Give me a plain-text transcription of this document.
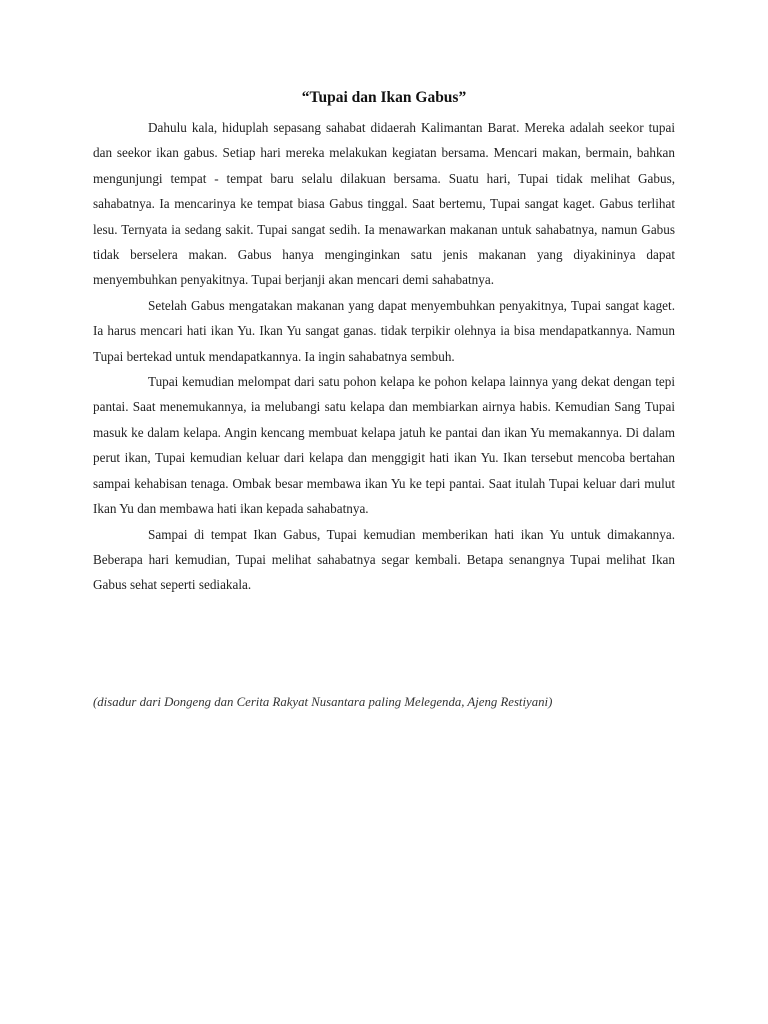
“Tupai dan Ikan Gabus”

Dahulu kala, hiduplah sepasang sahabat didaerah Kalimantan Barat. Mereka adalah seekor tupai dan seekor ikan gabus. Setiap hari mereka melakukan kegiatan bersama. Mencari makan, bermain, bahkan mengunjungi tempat - tempat baru selalu dilakuan bersama. Suatu hari, Tupai tidak melihat Gabus, sahabatnya. Ia mencarinya ke tempat biasa Gabus tinggal. Saat bertemu, Tupai sangat kaget. Gabus terlihat lesu. Ternyata ia sedang sakit. Tupai sangat sedih. Ia menawarkan makanan untuk sahabatnya, namun Gabus tidak berselera makan. Gabus hanya menginginkan satu jenis makanan yang diyakininya dapat menyembuhkan penyakitnya. Tupai berjanji akan mencari demi sahabatnya.

Setelah Gabus mengatakan makanan yang dapat menyembuhkan penyakitnya, Tupai sangat kaget. Ia harus mencari hati ikan Yu. Ikan Yu sangat ganas. tidak terpikir olehnya ia bisa mendapatkannya. Namun Tupai bertekad untuk mendapatkannya. Ia ingin sahabatnya sembuh.

Tupai kemudian melompat dari satu pohon kelapa ke pohon kelapa lainnya yang dekat dengan tepi pantai. Saat menemukannya, ia melubangi satu kelapa dan membiarkan airnya habis. Kemudian Sang Tupai masuk ke dalam kelapa. Angin kencang membuat kelapa jatuh ke pantai dan ikan Yu memakannya. Di dalam perut ikan, Tupai kemudian keluar dari kelapa dan menggigit hati ikan Yu. Ikan tersebut mencoba bertahan sampai kehabisan tenaga. Ombak besar membawa ikan Yu ke tepi pantai. Saat itulah Tupai keluar dari mulut Ikan Yu dan membawa hati ikan kepada sahabatnya.

Sampai di tempat Ikan Gabus, Tupai kemudian memberikan hati ikan Yu untuk dimakannya. Beberapa hari kemudian, Tupai melihat sahabatnya segar kembali. Betapa senangnya Tupai melihat Ikan Gabus sehat seperti sediakala.

(disadur dari Dongeng dan Cerita Rakyat Nusantara paling Melegenda, Ajeng Restiyani)
